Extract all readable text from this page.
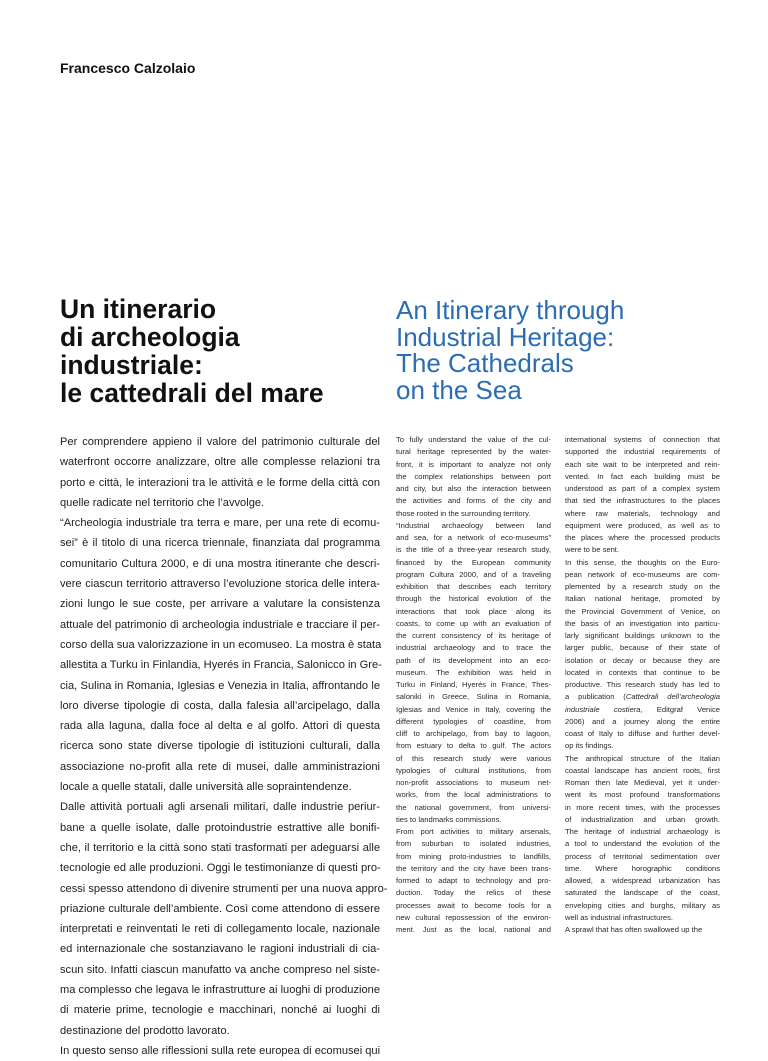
Francesco Calzolaio
Un itinerario
di archeologia
industriale:
le cattedrali del mare
An Itinerary through
Industrial Heritage:
The Cathedrals
on the Sea
Per comprendere appieno il valore del patrimonio culturale del
waterfront occorre analizzare, oltre alle complesse relazioni tra
porto e città, le interazioni tra le attività e le forme della città con
quelle radicate nel territorio che l’avvolge.
“Archeologia industriale tra terra e mare, per una rete di ecomu-
sei” è il titolo di una ricerca triennale, finanziata dal programma
comunitario Cultura 2000, e di una mostra itinerante che descri-
vere ciascun territorio attraverso l’evoluzione storica delle intera-
zioni lungo le sue coste, per arrivare a valutare la consistenza
attuale del patrimonio di archeologia industriale e tracciare il per-
corso della sua valorizzazione in un ecomuseo. La mostra è stata
allestita a Turku in Finlandia, Hyerés in Francia, Salonicco in Gre-
cia, Sulina in Romania, Iglesias e Venezia in Italia, affrontando le
loro diverse tipologie di costa, dalla falesia all’arcipelago, dalla
rada alla laguna, dalla foce al delta e al golfo. Attori di questa
ricerca sono state diverse tipologie di istituzioni culturali, dalla
associazione no-profit alla rete di musei, dalle amministrazioni
locale a quelle statali, dalle università alle sopraintendenze.
Dalle attività portuali agli arsenali militari, dalle industrie periur-
bane a quelle isolate, dalle protoindustrie estrattive alle bonifi-
che, il territorio e la città sono stati trasformati per adeguarsi alle
tecnologie ed alle produzioni. Oggi le testimonianze di questi pro-
cessi spesso attendono di divenire strumenti per una nuova appro-
priazione culturale dell’ambiente. Così come attendono di essere
interpretati e reinventati le reti di collegamento locale, nazionale
ed internazionale che sostanziavano le ragioni industriali di cia-
scun sito. Infatti ciascun manufatto va anche compreso nel siste-
ma complesso che legava le infrastrutture ai luoghi di produzione
di materie prime, tecnologie e macchinari, nonché ai luoghi di
destinazione del prodotto lavorato.
In questo senso alle riflessioni sulla rete europea di ecomusei qui
To fully understand the value of the cul-
tural heritage represented by the water-
front, it is important to analyze not only
the complex relationships between port
and city, but also the interaction between
the activities and forms of the city and
those rooted in the surrounding territory.
“Industrial archaeology between land
and sea, for a network of eco-museums”
is the title of a three-year research study,
financed by the European community
program Cultura 2000, and of a traveling
exhibition that describes each territory
through the historical evolution of the
interactions that took place along its
coasts, to come up with an evaluation of
the current consistency of its heritage of
industrial archaeology and to trace the
path of its development into an eco-
museum. The exhibition was held in
Turku in Finland, Hyerés in France, Thes-
saloniki in Greece, Sulina in Romania,
Iglesias and Venice in Italy, covering the
different typologies of coastline, from
cliff to archipelago, from bay to lagoon,
from estuary to delta to gulf. The actors
of this research study were various
typologies of cultural institutions, from
non-profit associations to museum net-
works, from the local administrations to
the national government, from universi-
ties to landmarks commissions.
From port activities to military arsenals,
from suburban to isolated industries,
from mining proto-industries to landfills,
the territory and the city have been trans-
formed to adapt to technology and pro-
duction. Today the relics of these
processes await to become tools for a
new cultural repossession of the environ-
ment. Just as the local, national and
international systems of connection that
supported the industrial requirements of
each site wait to be interpreted and rein-
vented. In fact each building must be
understood as part of a complex system
that tied the infrastructures to the places
where raw materials, technology and
equipment were produced, as well as to
the places where the processed products
were to be sent.
In this sense, the thoughts on the Euro-
pean network of eco-museums are com-
plemented by a research study on the
Italian national heritage, promoted by
the Provincial Government of Venice, on
the basis of an investigation into particu-
larly significant buildings unknown to the
larger public, because of their state of
isolation or decay or because they are
located in contexts that continue to be
productive. This research study has led to
a publication (Cattedrali dell’archeologia
industriale costiera, Editgraf Venice
2006) and a journey along the entire
coast of Italy to diffuse and further devel-
op its findings.
The anthropical structure of the Italian
coastal landscape has ancient roots, first
Roman then late Medieval, yet it under-
went its most profound transformations
in more recent times, with the processes
of industrialization and urban growth.
The heritage of industrial archaeology is
a tool to understand the evolution of the
process of territorial sedimentation over
time. Where horographic conditions
allowed, a widespread urbanization has
saturated the landscape of the coast,
enveloping cities and burghs, military as
well as industrial infrastructures.
A sprawl that has often swallowed up the
